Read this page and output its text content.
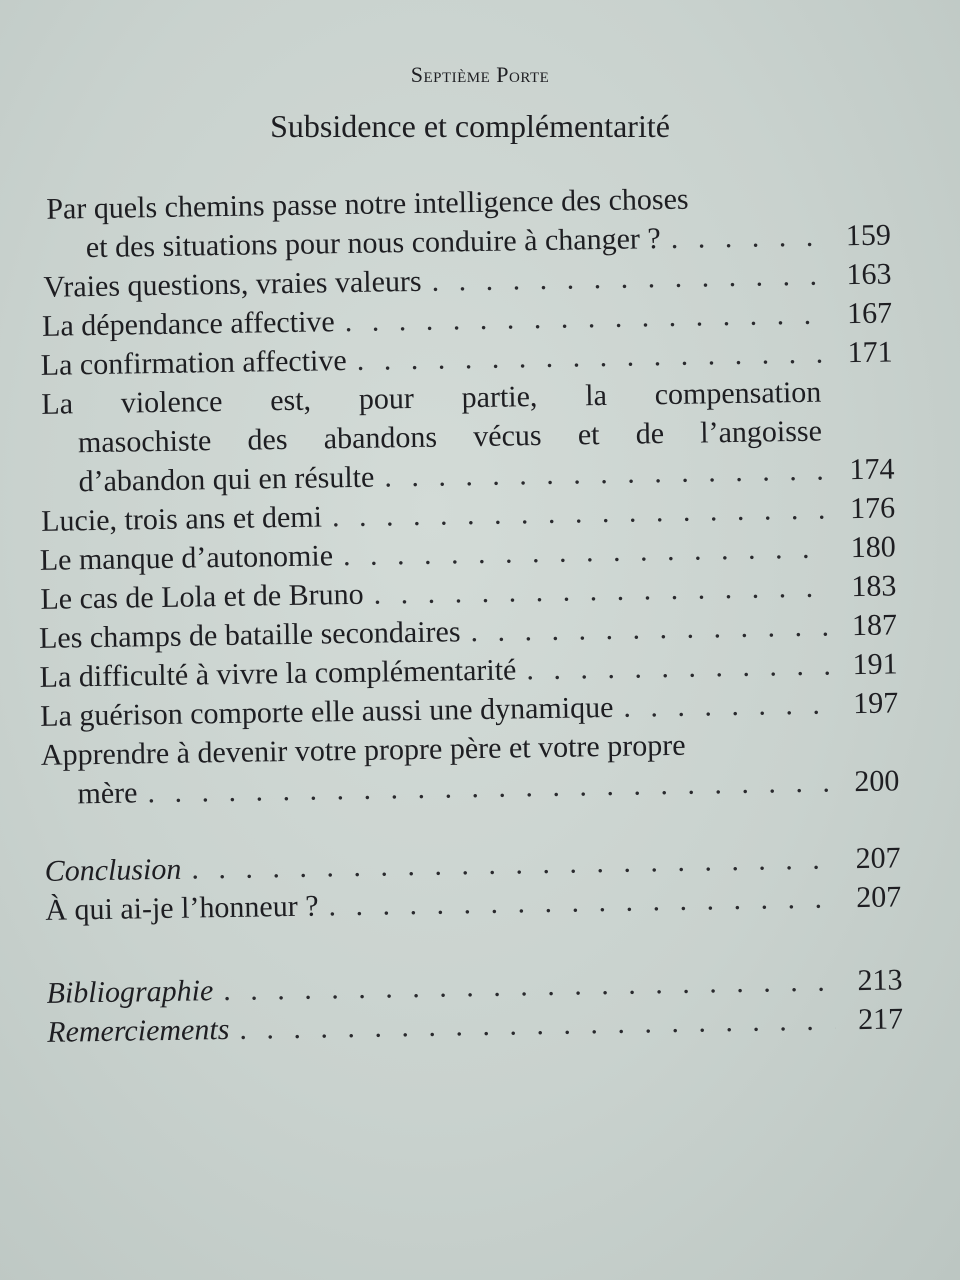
Septième Porte
Subsidence et complémentarité
Par quels chemins passe notre intelligence des choses
et des situations pour nous conduire à changer ? . . .	159
Vraies questions, vraies valeurs . . .	163
La dépendance affective . . .	167
La confirmation affective . . .	171
La violence est, pour partie, la compensation
masochiste des abandons vécus et de l’angoisse
d’abandon qui en résulte . . .	174
Lucie, trois ans et demi . . .	176
Le manque d’autonomie . . .	180
Le cas de Lola et de Bruno . . .	183
Les champs de bataille secondaires . . .	187
La difficulté à vivre la complémentarité . . .	191
La guérison comporte elle aussi une dynamique . . .	197
Apprendre à devenir votre propre père et votre propre
mère . . .	200
Conclusion . . .	207
À qui ai-je l’honneur ? . . .	207
Bibliographie . . .	213
Remerciements . . .	217
